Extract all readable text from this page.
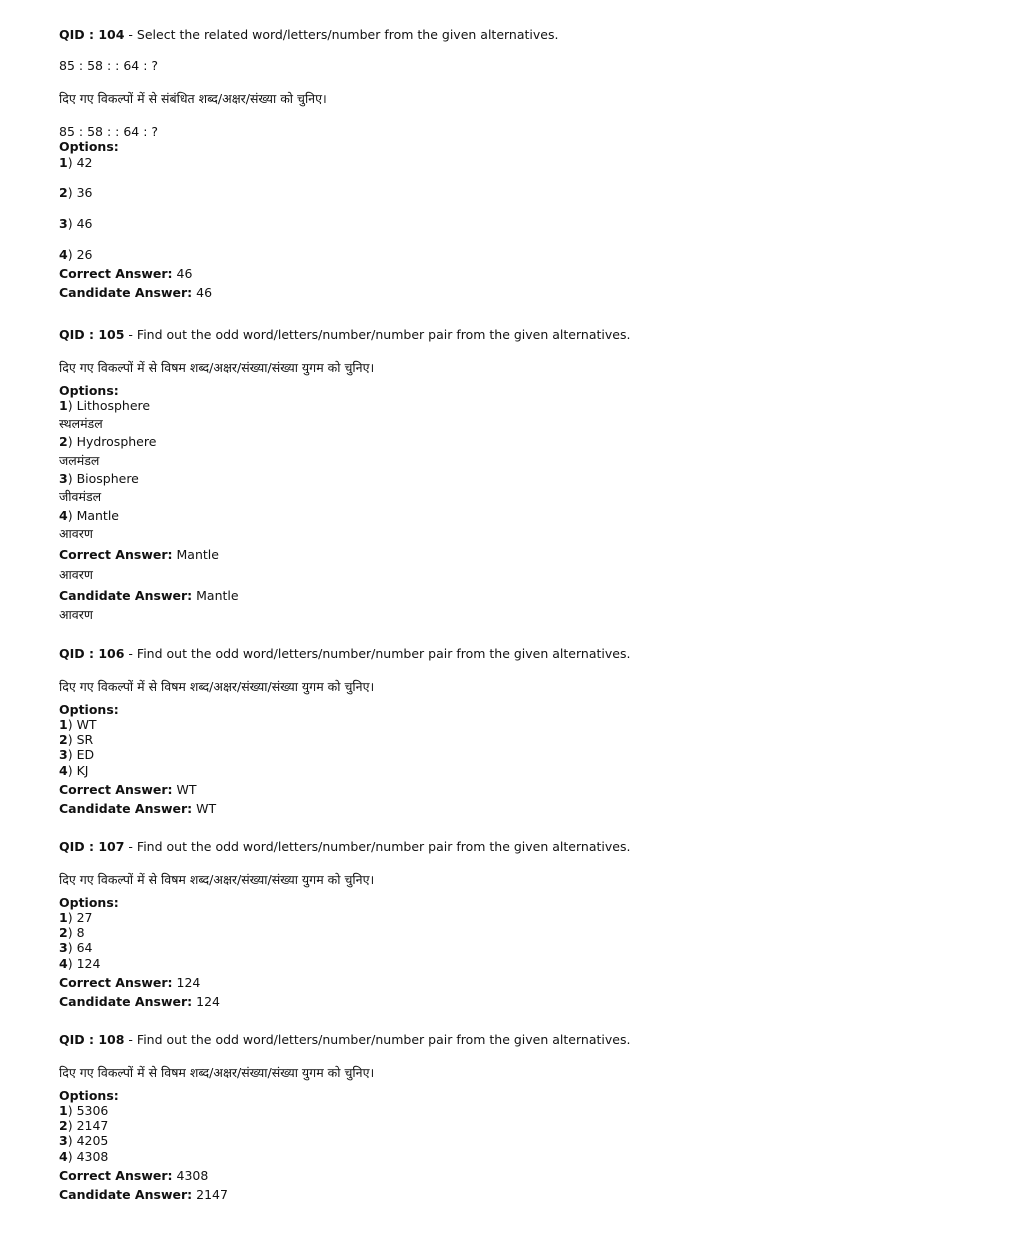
QID : 104 - Select the related word/letters/number from the given alternatives.
85 : 58 : : 64 : ?
दिए गए विकल्पों में से संबंधित शब्द/अक्षर/संख्या को चुनिए।
85 : 58 : : 64 : ?
Options:
1) 42
2) 36
3) 46
4) 26
Correct Answer: 46
Candidate Answer: 46
QID : 105 - Find out the odd word/letters/number/number pair from the given alternatives.
दिए गए विकल्पों में से विषम शब्द/अक्षर/संख्या/संख्या युगम को चुनिए।
Options:
1) Lithosphere
स्थलमंडल
2) Hydrosphere
जलमंडल
3) Biosphere
जीवमंडल
4) Mantle
आवरण
Correct Answer: Mantle
आवरण
Candidate Answer: Mantle
आवरण
QID : 106 - Find out the odd word/letters/number/number pair from the given alternatives.
दिए गए विकल्पों में से विषम शब्द/अक्षर/संख्या/संख्या युगम को चुनिए।
Options:
1) WT
2) SR
3) ED
4) KJ
Correct Answer: WT
Candidate Answer: WT
QID : 107 - Find out the odd word/letters/number/number pair from the given alternatives.
दिए गए विकल्पों में से विषम शब्द/अक्षर/संख्या/संख्या युगम को चुनिए।
Options:
1) 27
2) 8
3) 64
4) 124
Correct Answer: 124
Candidate Answer: 124
QID : 108 - Find out the odd word/letters/number/number pair from the given alternatives.
दिए गए विकल्पों में से विषम शब्द/अक्षर/संख्या/संख्या युगम को चुनिए।
Options:
1) 5306
2) 2147
3) 4205
4) 4308
Correct Answer: 4308
Candidate Answer: 2147
